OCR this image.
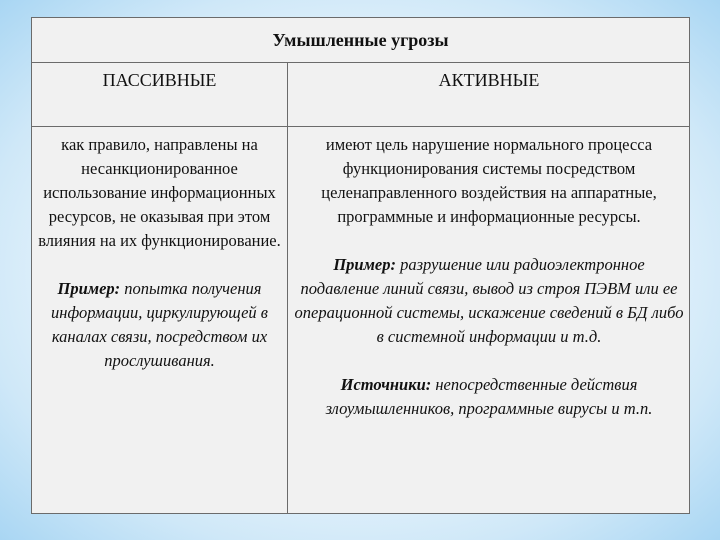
Умышленные угрозы
ПАССИВНЫЕ	АКТИВНЫЕ

как правило, направлены на несанкционированное использование информационных ресурсов, не оказывая при этом влияния на их функционирование.

Пример: попытка получения информации, циркулирующей в каналах связи, посредством их прослушивания.

имеют цель нарушение нормального процесса функционирования системы посредством целенаправленного воздействия на аппаратные, программные и информационные ресурсы.

Пример: разрушение или радиоэлектронное подавление линий связи, вывод из строя ПЭВМ или ее операционной системы, искажение сведений в БД либо в системной информации и т.д.

Источники: непосредственные действия злоумышленников, программные вирусы и т.п.
